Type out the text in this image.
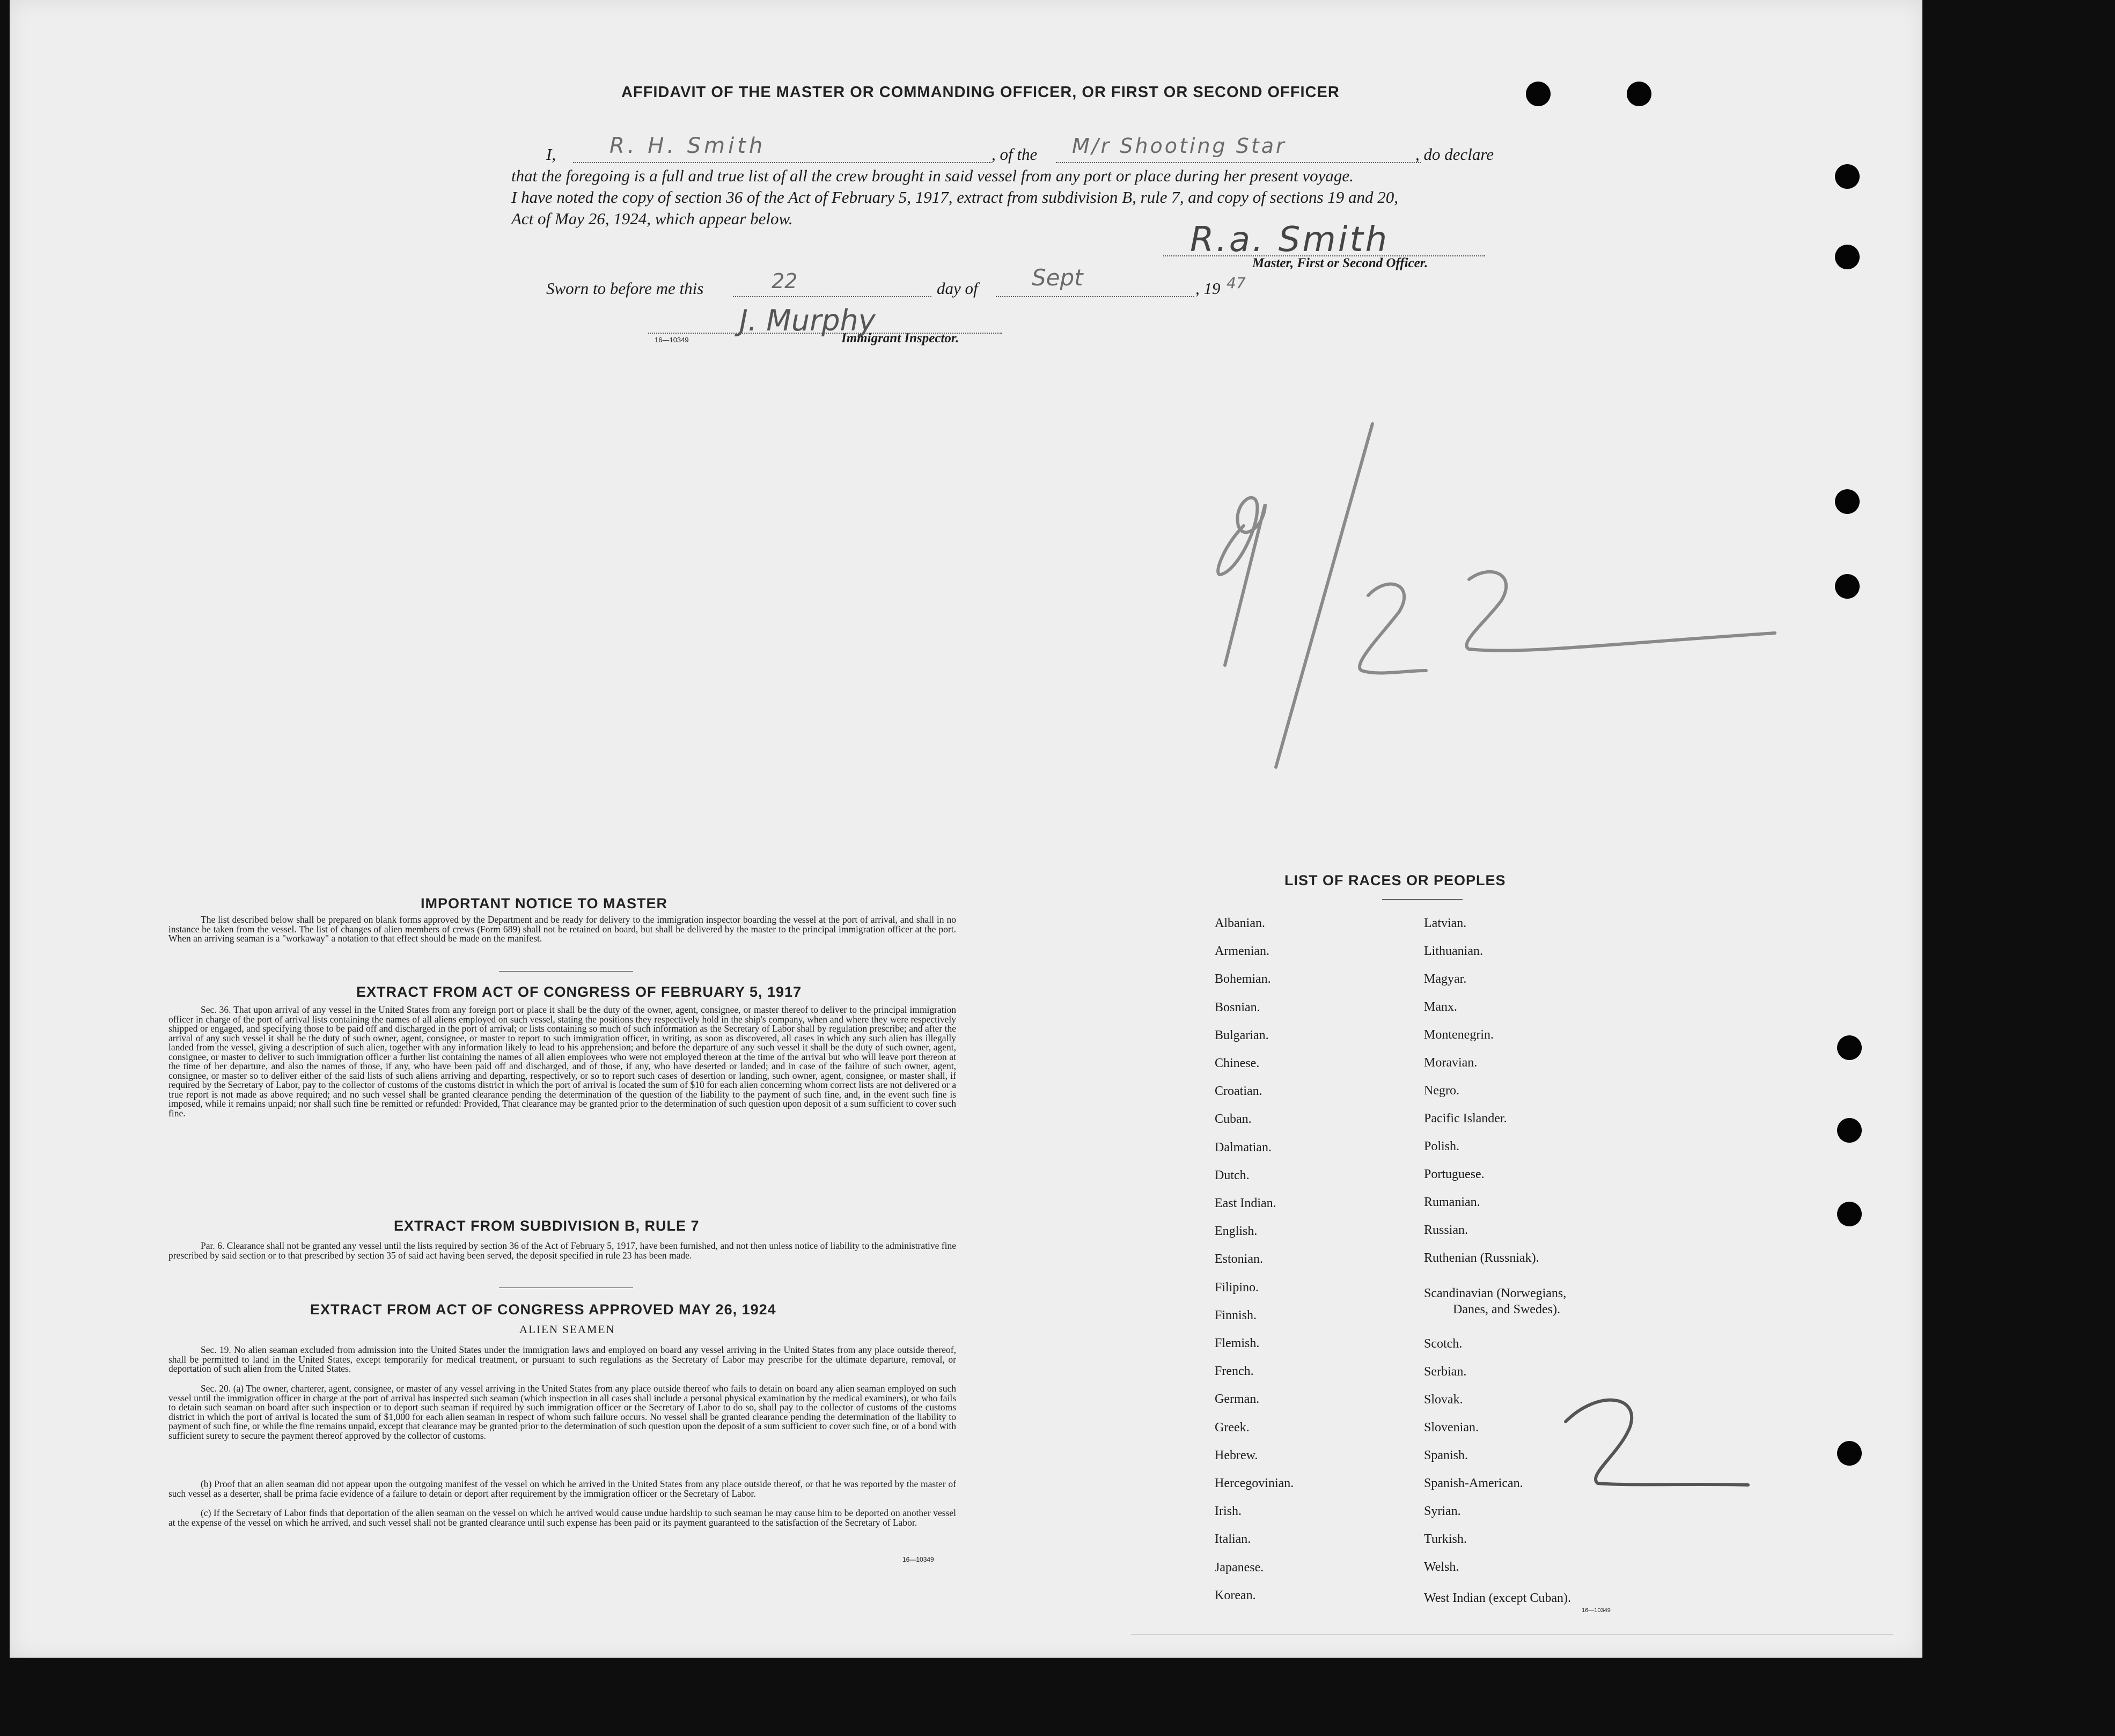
AFFIDAVIT OF THE MASTER OR COMMANDING OFFICER, OR FIRST OR SECOND OFFICER
I, R. H. Smith	, of the M/r Shooting Star	, do declare
that the foregoing is a full and true list of all the crew brought in said vessel from any port or place during her present voyage.
I have noted the copy of section 36 of the Act of February 5, 1917, extract from subdivision B, rule 7, and copy of sections 19 and 20,
Act of May 26, 1924, which appear below.
R.a. Smith
Master, First or Second Officer.
Sworn to before me this	22	day of Sept	, 19 47
J. Murphy
16—10349	Immigrant Inspector.
IMPORTANT NOTICE TO MASTER
The list described below shall be prepared on blank forms approved by the Department and be ready for delivery to the immigration inspector boarding the vessel at the port of arrival, and shall in no instance be taken from the vessel. The list of changes of alien members of crews (Form 689) shall not be retained on board, but shall be delivered by the master to the principal immigration officer at the port. When an arriving seaman is a "workaway" a notation to that effect should be made on the manifest.
EXTRACT FROM ACT OF CONGRESS OF FEBRUARY 5, 1917
Sec. 36. That upon arrival of any vessel in the United States from any foreign port or place it shall be the duty of the owner, agent, consignee, or master thereof to deliver to the principal immigration officer in charge of the port of arrival lists containing the names of all aliens employed on such vessel, stating the positions they respectively hold in the ship's company, when and where they were respectively shipped or engaged, and specifying those to be paid off and discharged in the port of arrival; or lists containing so much of such information as the Secretary of Labor shall by regulation prescribe; and after the arrival of any such vessel it shall be the duty of such owner, agent, consignee, or master to report to such immigration officer, in writing, as soon as discovered, all cases in which any such alien has illegally landed from the vessel, giving a description of such alien, together with any information likely to lead to his apprehension; and before the departure of any such vessel it shall be the duty of such owner, agent, consignee, or master to deliver to such immigration officer a further list containing the names of all alien employees who were not employed thereon at the time of the arrival but who will leave port thereon at the time of her departure, and also the names of those, if any, who have been paid off and discharged, and of those, if any, who have deserted or landed; and in case of the failure of such owner, agent, consignee, or master so to deliver either of the said lists of such aliens arriving and departing, respectively, or so to report such cases of desertion or landing, such owner, agent, consignee, or master shall, if required by the Secretary of Labor, pay to the collector of customs of the customs district in which the port of arrival is located the sum of $10 for each alien concerning whom correct lists are not delivered or a true report is not made as above required; and no such vessel shall be granted clearance pending the determination of the question of the liability to the payment of such fine, and, in the event such fine is imposed, while it remains unpaid; nor shall such fine be remitted or refunded: Provided, That clearance may be granted prior to the determination of such question upon deposit of a sum sufficient to cover such fine.
EXTRACT FROM SUBDIVISION B, RULE 7
Par. 6. Clearance shall not be granted any vessel until the lists required by section 36 of the Act of February 5, 1917, have been furnished, and not then unless notice of liability to the administrative fine prescribed by said section or to that prescribed by section 35 of said act having been served, the deposit specified in rule 23 has been made.
EXTRACT FROM ACT OF CONGRESS APPROVED MAY 26, 1924
ALIEN SEAMEN
Sec. 19. No alien seaman excluded from admission into the United States under the immigration laws and employed on board any vessel arriving in the United States from any place outside thereof, shall be permitted to land in the United States, except temporarily for medical treatment, or pursuant to such regulations as the Secretary of Labor may prescribe for the ultimate departure, removal, or deportation of such alien from the United States.
Sec. 20. (a) The owner, charterer, agent, consignee, or master of any vessel arriving in the United States from any place outside thereof who fails to detain on board any alien seaman employed on such vessel until the immigration officer in charge at the port of arrival has inspected such seaman (which inspection in all cases shall include a personal physical examination by the medical examiners), or who fails to detain such seaman on board after such inspection or to deport such seaman if required by such immigration officer or the Secretary of Labor to do so, shall pay to the collector of customs of the customs district in which the port of arrival is located the sum of $1,000 for each alien seaman in respect of whom such failure occurs. No vessel shall be granted clearance pending the determination of the liability to payment of such fine, or while the fine remains unpaid, except that clearance may be granted prior to the determination of such question upon the deposit of a sum sufficient to cover such fine, or of a bond with sufficient surety to secure the payment thereof approved by the collector of customs.
(b) Proof that an alien seaman did not appear upon the outgoing manifest of the vessel on which he arrived in the United States from any place outside thereof, or that he was reported by the master of such vessel as a deserter, shall be prima facie evidence of a failure to detain or deport after requirement by the immigration officer or the Secretary of Labor.
(c) If the Secretary of Labor finds that deportation of the alien seaman on the vessel on which he arrived would cause undue hardship to such seaman he may cause him to be deported on another vessel at the expense of the vessel on which he arrived, and such vessel shall not be granted clearance until such expense has been paid or its payment guaranteed to the satisfaction of the Secretary of Labor.
16—10349
LIST OF RACES OR PEOPLES
16—10349
Albanian.
Armenian.
Bohemian.
Bosnian.
Bulgarian.
Chinese.
Croatian.
Cuban.
Dalmatian.
Dutch.
East Indian.
English.
Estonian.
Filipino.
Finnish.
Flemish.
French.
German.
Greek.
Hebrew.
Hercegovinian.
Irish.
Italian.
Japanese.
Korean.
Latvian.
Lithuanian.
Magyar.
Manx.
Montenegrin.
Moravian.
Negro.
Pacific Islander.
Polish.
Portuguese.
Rumanian.
Russian.
Ruthenian (Russniak).
Scandinavian (Norwegians,
Danes, and Swedes).
Scotch.
Serbian.
Slovak.
Slovenian.
Spanish.
Spanish-American.
Syrian.
Turkish.
Welsh.
West Indian (except Cuban).
